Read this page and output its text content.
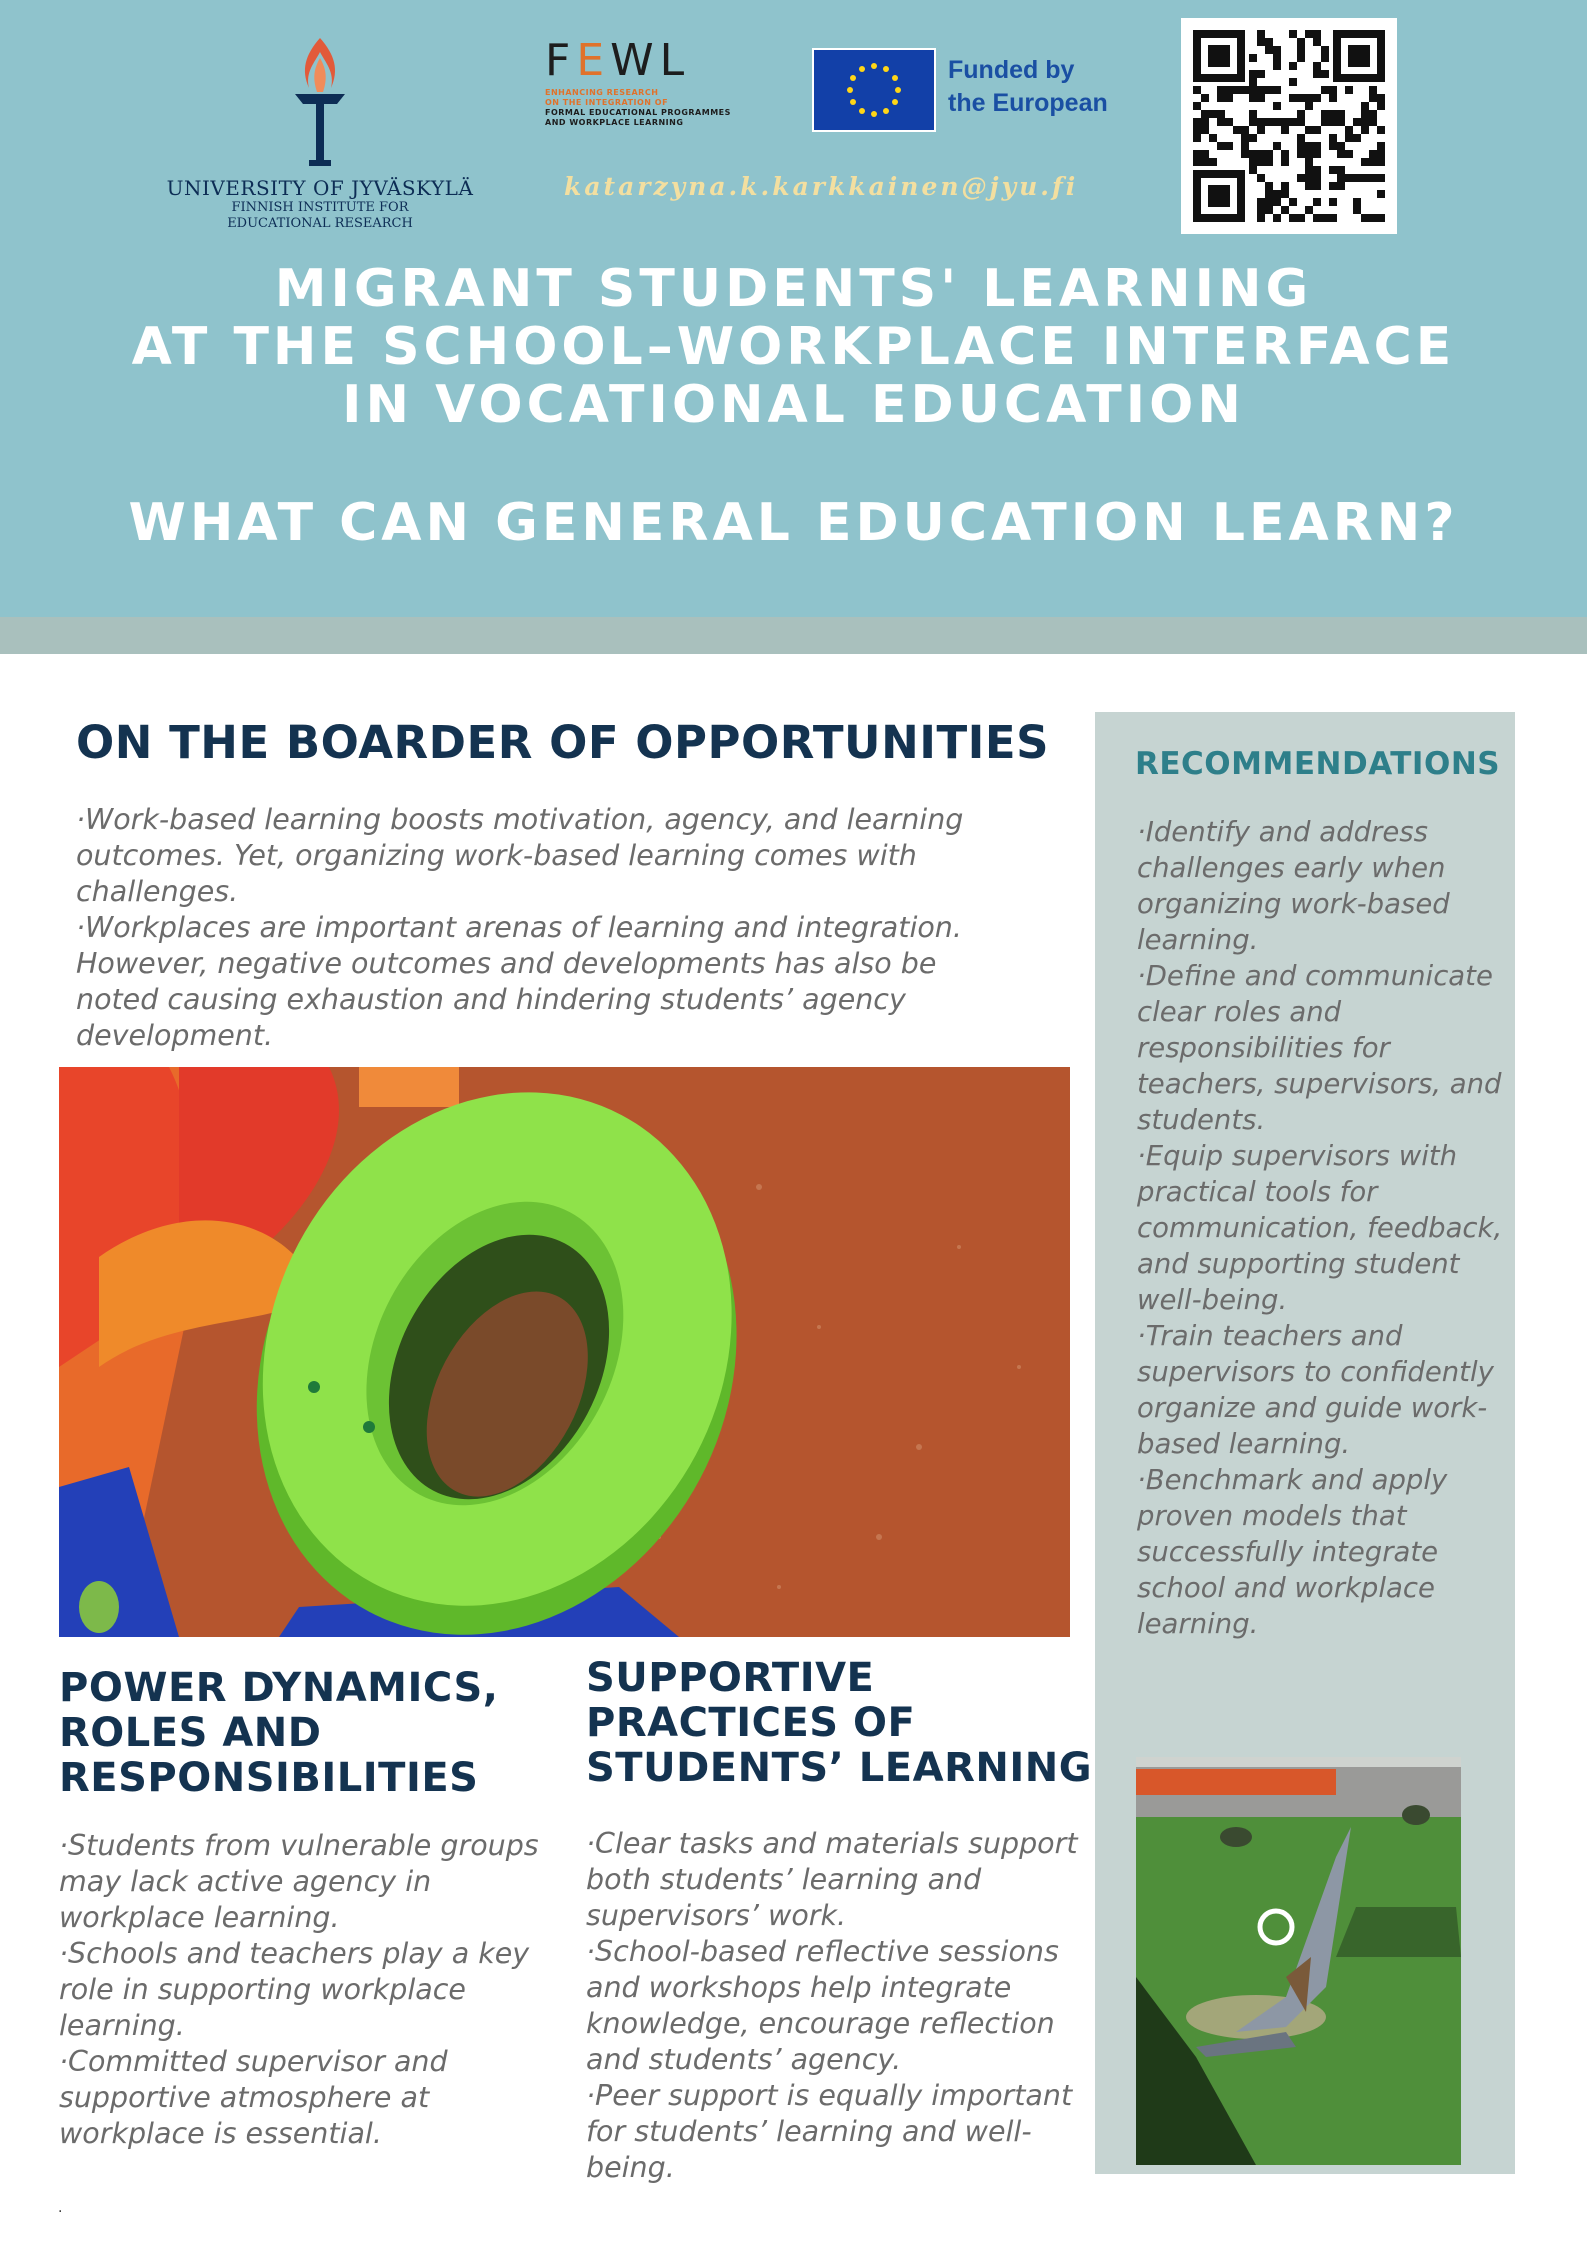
UNIVERSITY OF JYVÄSKYLÄ
FINNISH INSTITUTE FOR
EDUCATIONAL RESEARCH
FEWL
ENHANCING RESEARCH
ON THE INTEGRATION OF
FORMAL EDUCATIONAL PROGRAMMES
AND WORKPLACE LEARNING
Funded by
the European
katarzyna.k.karkkainen@jyu.fi
MIGRANT STUDENTS' LEARNING
AT THE SCHOOL–WORKPLACE INTERFACE
IN VOCATIONAL EDUCATION
WHAT CAN GENERAL EDUCATION LEARN?
ON THE BOARDER OF OPPORTUNITIES
·Work-based learning boosts motivation, agency, and learning outcomes. Yet, organizing work-based learning comes with challenges.
·Workplaces are important arenas of learning and integration. However, negative outcomes and developments has also be noted causing exhaustion and hindering students’ agency development.
RECOMMENDATIONS
·Identify and address challenges early when organizing work-based learning.
·Define and communicate clear roles and responsibilities for teachers, supervisors, and students.
·Equip supervisors with practical tools for communication, feedback, and supporting student well-being.
·Train teachers and supervisors to confidently organize and guide work-based learning.
·Benchmark and apply proven models that successfully integrate school and workplace learning.
POWER DYNAMICS,
ROLES AND
RESPONSIBILITIES
·Students from vulnerable groups may lack active agency in workplace learning.
·Schools and teachers play a key role in supporting workplace learning.
·Committed supervisor and supportive atmosphere at workplace is essential.
SUPPORTIVE
PRACTICES OF
STUDENTS’ LEARNING
·Clear tasks and materials support both students’ learning and supervisors’ work.
·School-based reflective sessions and workshops help integrate knowledge, encourage reflection and students’ agency.
·Peer support is equally important for students’ learning and well-being.
.
